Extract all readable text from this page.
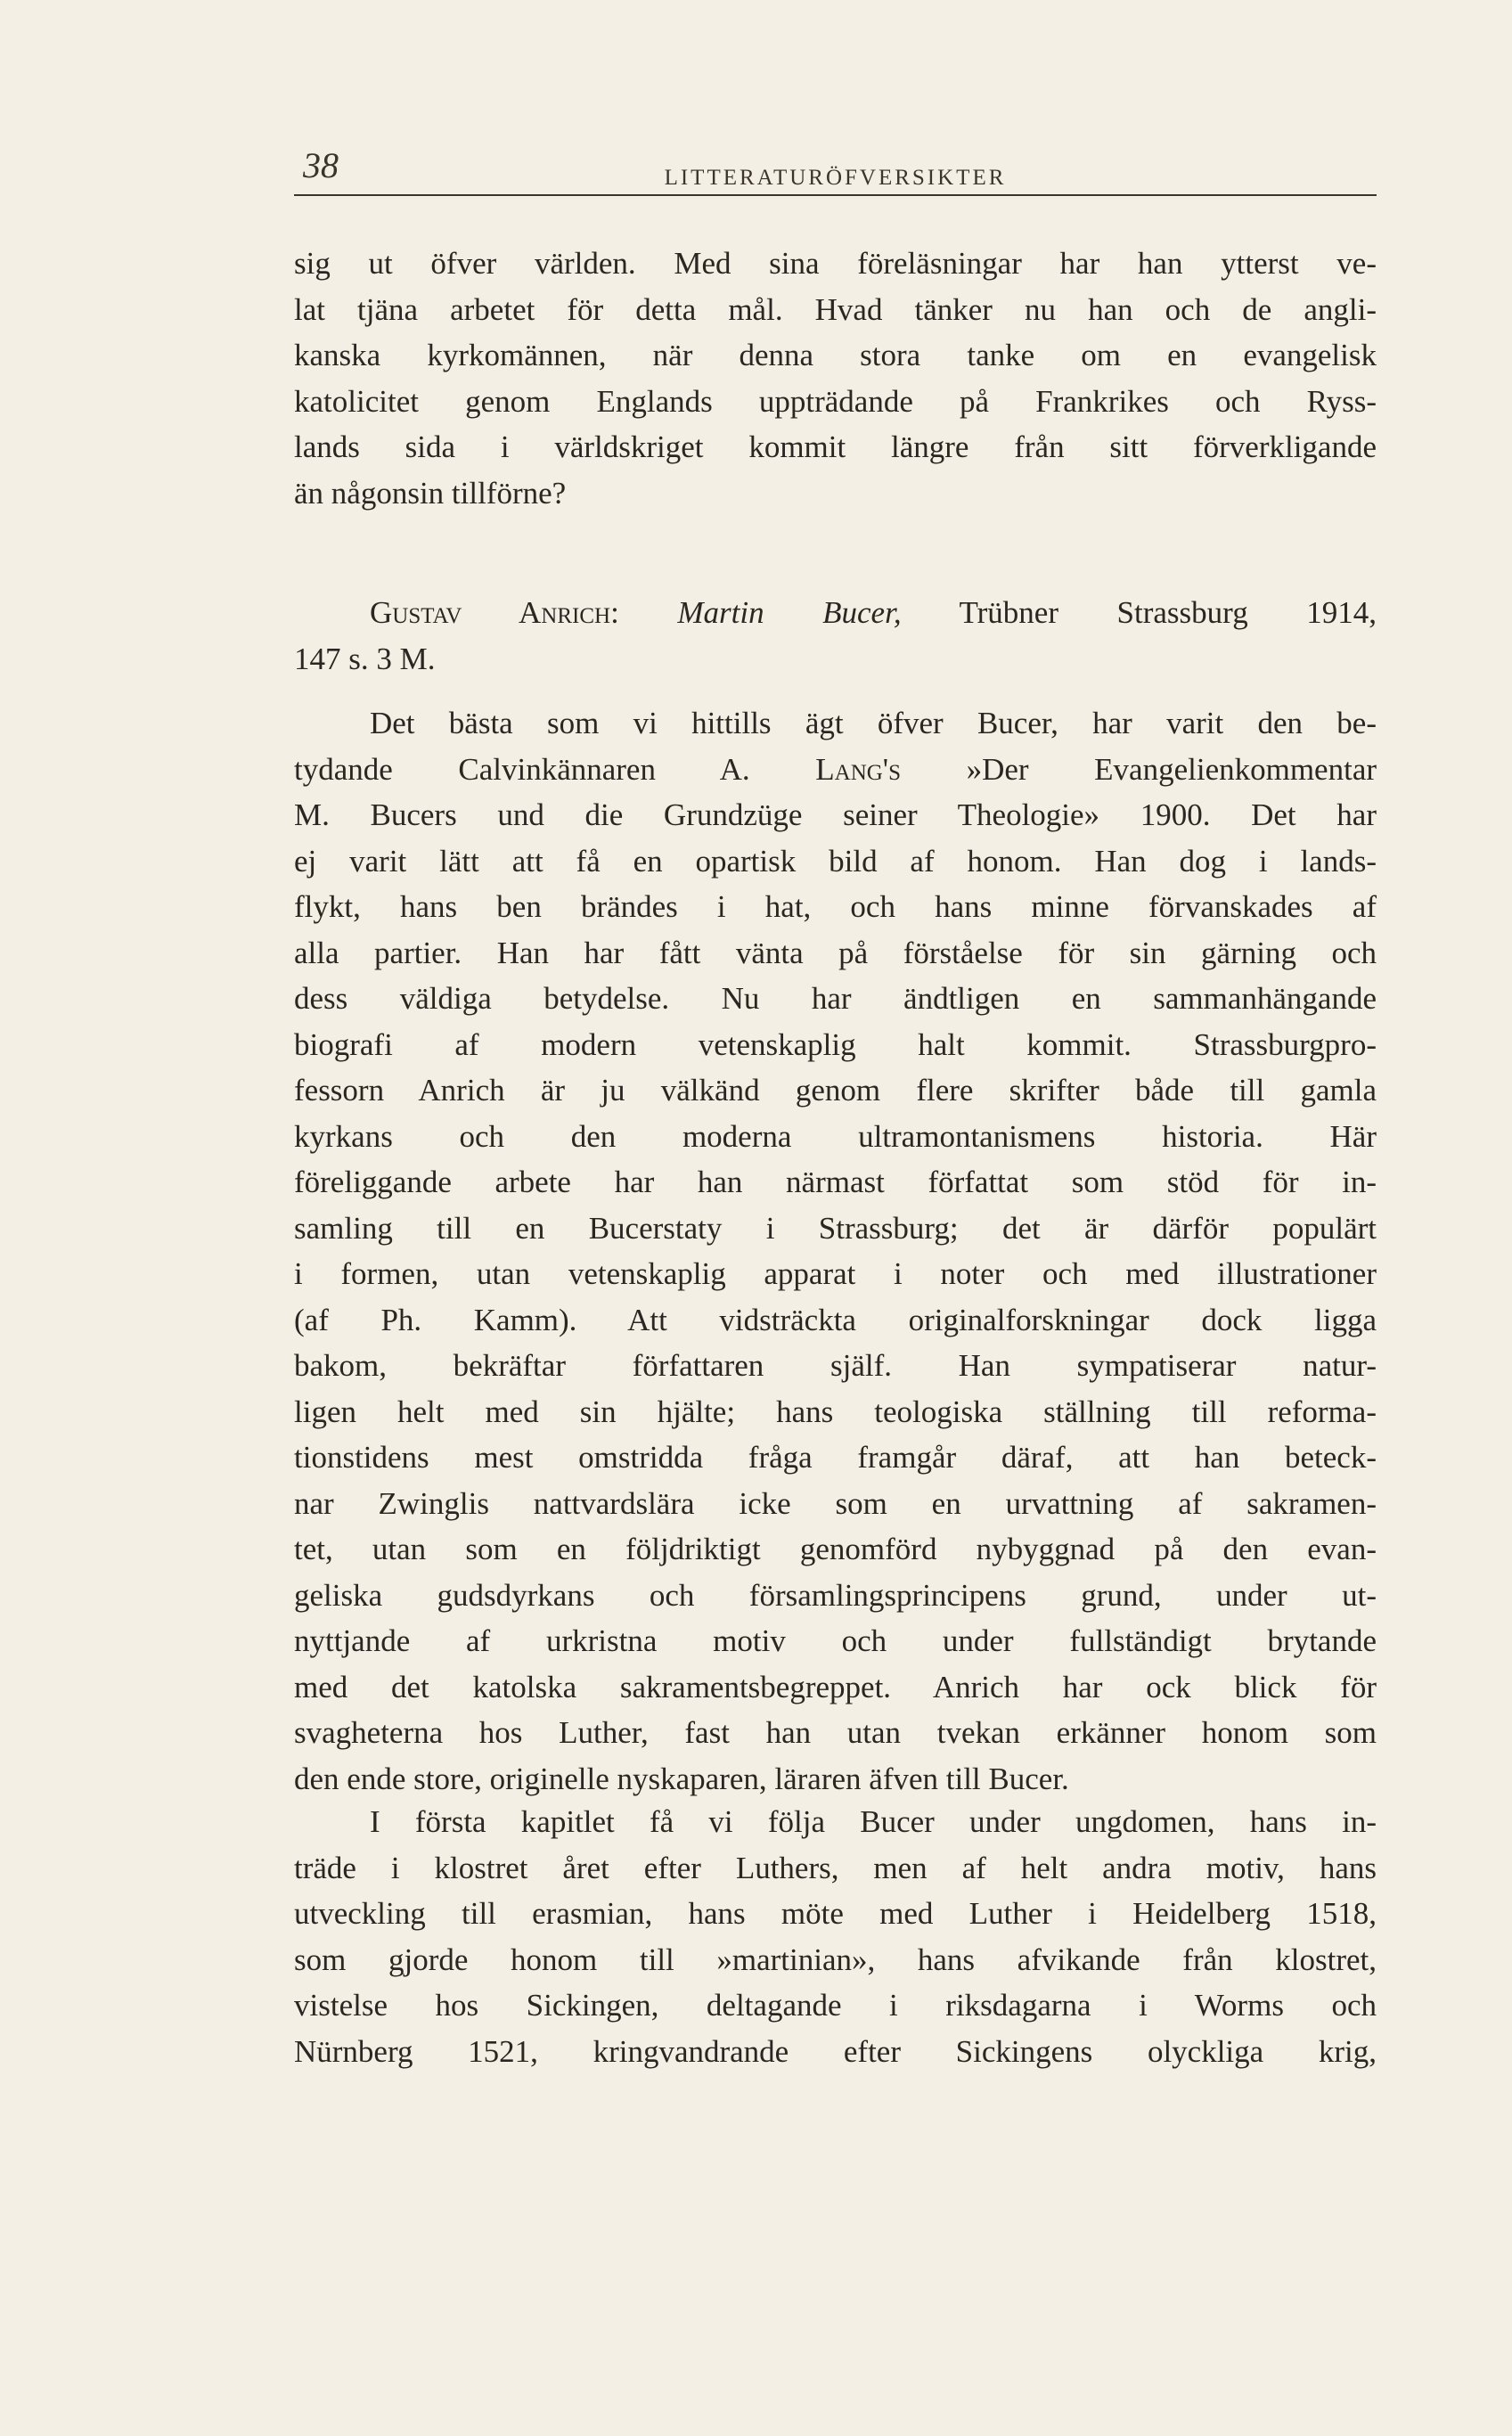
38	LITTERATURÖFVERSIKTER
sig ut öfver världen. Med sina föreläsningar har han ytterst ve-
lat tjäna arbetet för detta mål. Hvad tänker nu han och de angli-
kanska kyrkomännen, när denna stora tanke om en evangelisk
katolicitet genom Englands uppträdande på Frankrikes och Ryss-
lands sida i världskriget kommit längre från sitt förverkligande
än någonsin tillförne?
Gustav Anrich: Martin Bucer, Trübner Strassburg 1914,
147 s. 3 M.
Det bästa som vi hittills ägt öfver Bucer, har varit den be-
tydande Calvinkännaren A. Lang's »Der Evangelienkommentar
M. Bucers und die Grundzüge seiner Theologie» 1900. Det har
ej varit lätt att få en opartisk bild af honom. Han dog i lands-
flykt, hans ben brändes i hat, och hans minne förvanskades af
alla partier. Han har fått vänta på förståelse för sin gärning och
dess väldiga betydelse. Nu har ändtligen en sammanhängande
biografi af modern vetenskaplig halt kommit. Strassburgpro-
fessorn Anrich är ju välkänd genom flere skrifter både till gamla
kyrkans och den moderna ultramontanismens historia. Här
föreliggande arbete har han närmast författat som stöd för in-
samling till en Bucerstaty i Strassburg; det är därför populärt
i formen, utan vetenskaplig apparat i noter och med illustrationer
(af Ph. Kamm). Att vidsträckta originalforskningar dock ligga
bakom, bekräftar författaren själf. Han sympatiserar natur-
ligen helt med sin hjälte; hans teologiska ställning till reforma-
tionstidens mest omstridda fråga framgår däraf, att han beteck-
nar Zwinglis nattvardslära icke som en urvattning af sakramen-
tet, utan som en följdriktigt genomförd nybyggnad på den evan-
geliska gudsdyrkans och församlingsprincipens grund, under ut-
nyttjande af urkristna motiv och under fullständigt brytande
med det katolska sakramentsbegreppet. Anrich har ock blick för
svagheterna hos Luther, fast han utan tvekan erkänner honom som
den ende store, originelle nyskaparen, läraren äfven till Bucer.
I första kapitlet få vi följa Bucer under ungdomen, hans in-
träde i klostret året efter Luthers, men af helt andra motiv, hans
utveckling till erasmian, hans möte med Luther i Heidelberg 1518,
som gjorde honom till »martinian», hans afvikande från klostret,
vistelse hos Sickingen, deltagande i riksdagarna i Worms och
Nürnberg 1521, kringvandrande efter Sickingens olyckliga krig,
